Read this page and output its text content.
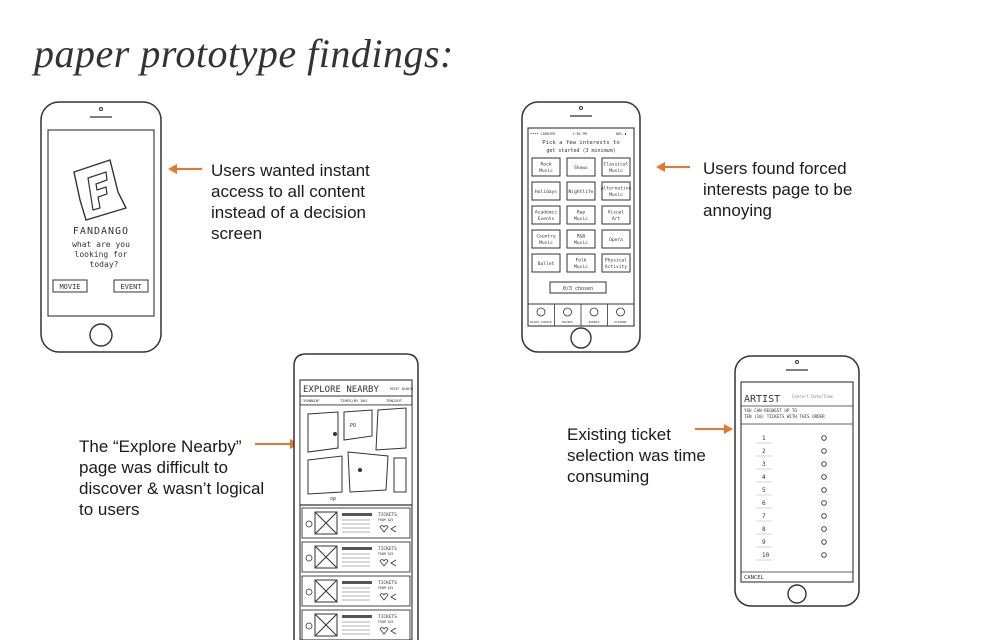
paper prototype findings:
Users wanted instant access to all content instead of a decision screen
Users found forced interests page to be annoying
The “Explore Nearby” page was difficult to discover & wasn’t logical to users
Existing ticket selection was time consuming
FANDANGO
what are you
looking for
today?
MOVIE	EVENT
•••• CARRIER	1:30 PM	88% ▮
Pick a few interests to
get started (3 minimum)
Rock
Music
Shows
Classical
Music
Holidays Nightlife
Alternative
Music
Academic
Events
Rap
Music
Visual
Art
Country
Music
R&B
Music
Opera
Ballet
Folk
Music
Physical
Activity
0/3 chosen
RIGHT CHOICE	MOVIES	EVENTS	ACCOUNT
EXPLORE NEARBY	RESET SEARCH
"RUNNIN"	TIMES/BY DAY	TONIGHT
PO
op
TICKETS
FROM $25
TICKETS
FROM $25
TICKETS
FROM $25
TICKETS
FROM $25
ARTIST	Concert Date/Time
YOU CAN REQUEST UP TO
TEN (10) TICKETS WITH THIS ORDER
1
2
3
4
5
6
7
8
9
10
CANCEL
